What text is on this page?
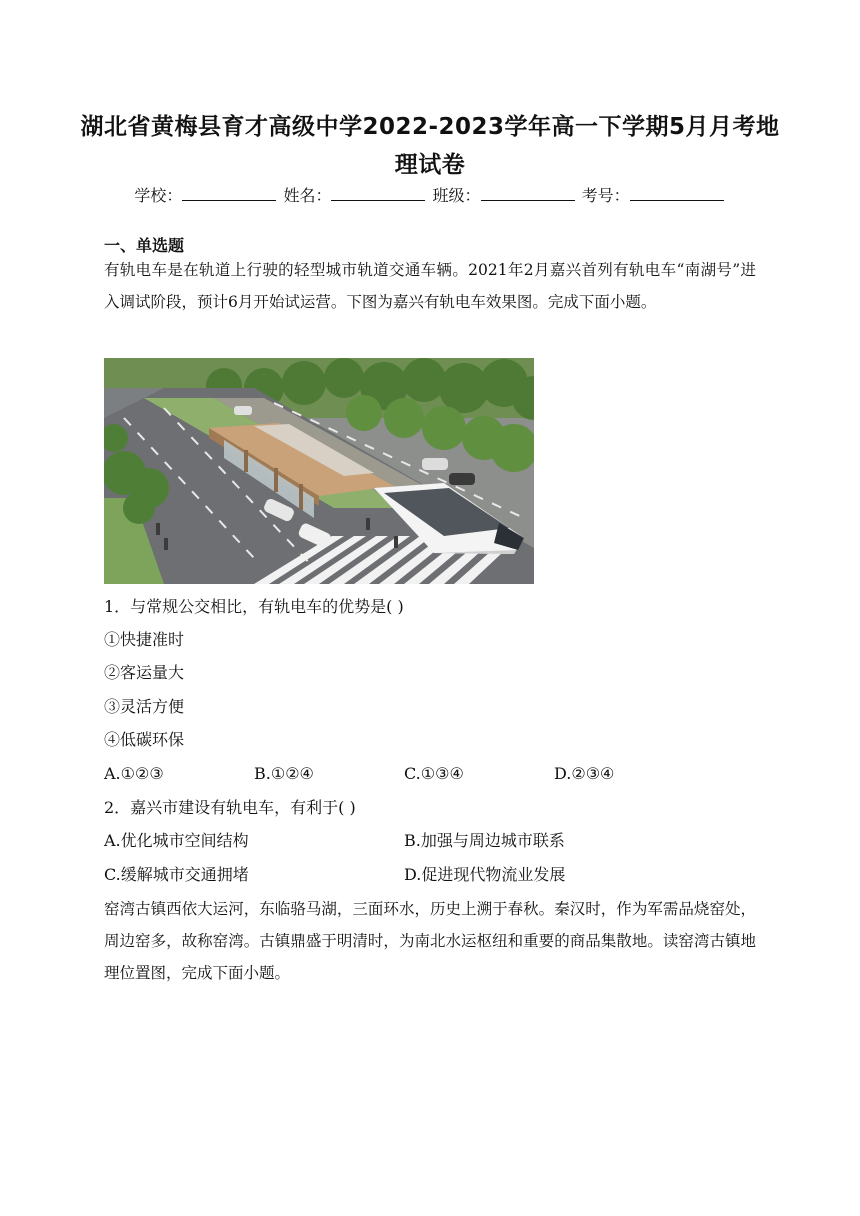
湖北省黄梅县育才高级中学2022-2023学年高一下学期5月月考地理试卷
学校：	姓名：	班级：	考号：
一、单选题
有轨电车是在轨道上行驶的轻型城市轨道交通车辆。2021年2月嘉兴首列有轨电车“南湖号”进入调试阶段，预计6月开始试运营。下图为嘉兴有轨电车效果图。完成下面小题。
1．与常规公交相比，有轨电车的优势是( )
①快捷准时
②客运量大
③灵活方便
④低碳环保
A.①②③	B.①②④	C.①③④	D.②③④
2．嘉兴市建设有轨电车，有利于( )
A.优化城市空间结构	B.加强与周边城市联系
C.缓解城市交通拥堵	D.促进现代物流业发展
窑湾古镇西依大运河，东临骆马湖，三面环水，历史上溯于春秋。秦汉时，作为军需品烧窑处，周边窑多，故称窑湾。古镇鼎盛于明清时，为南北水运枢纽和重要的商品集散地。读窑湾古镇地理位置图，完成下面小题。
